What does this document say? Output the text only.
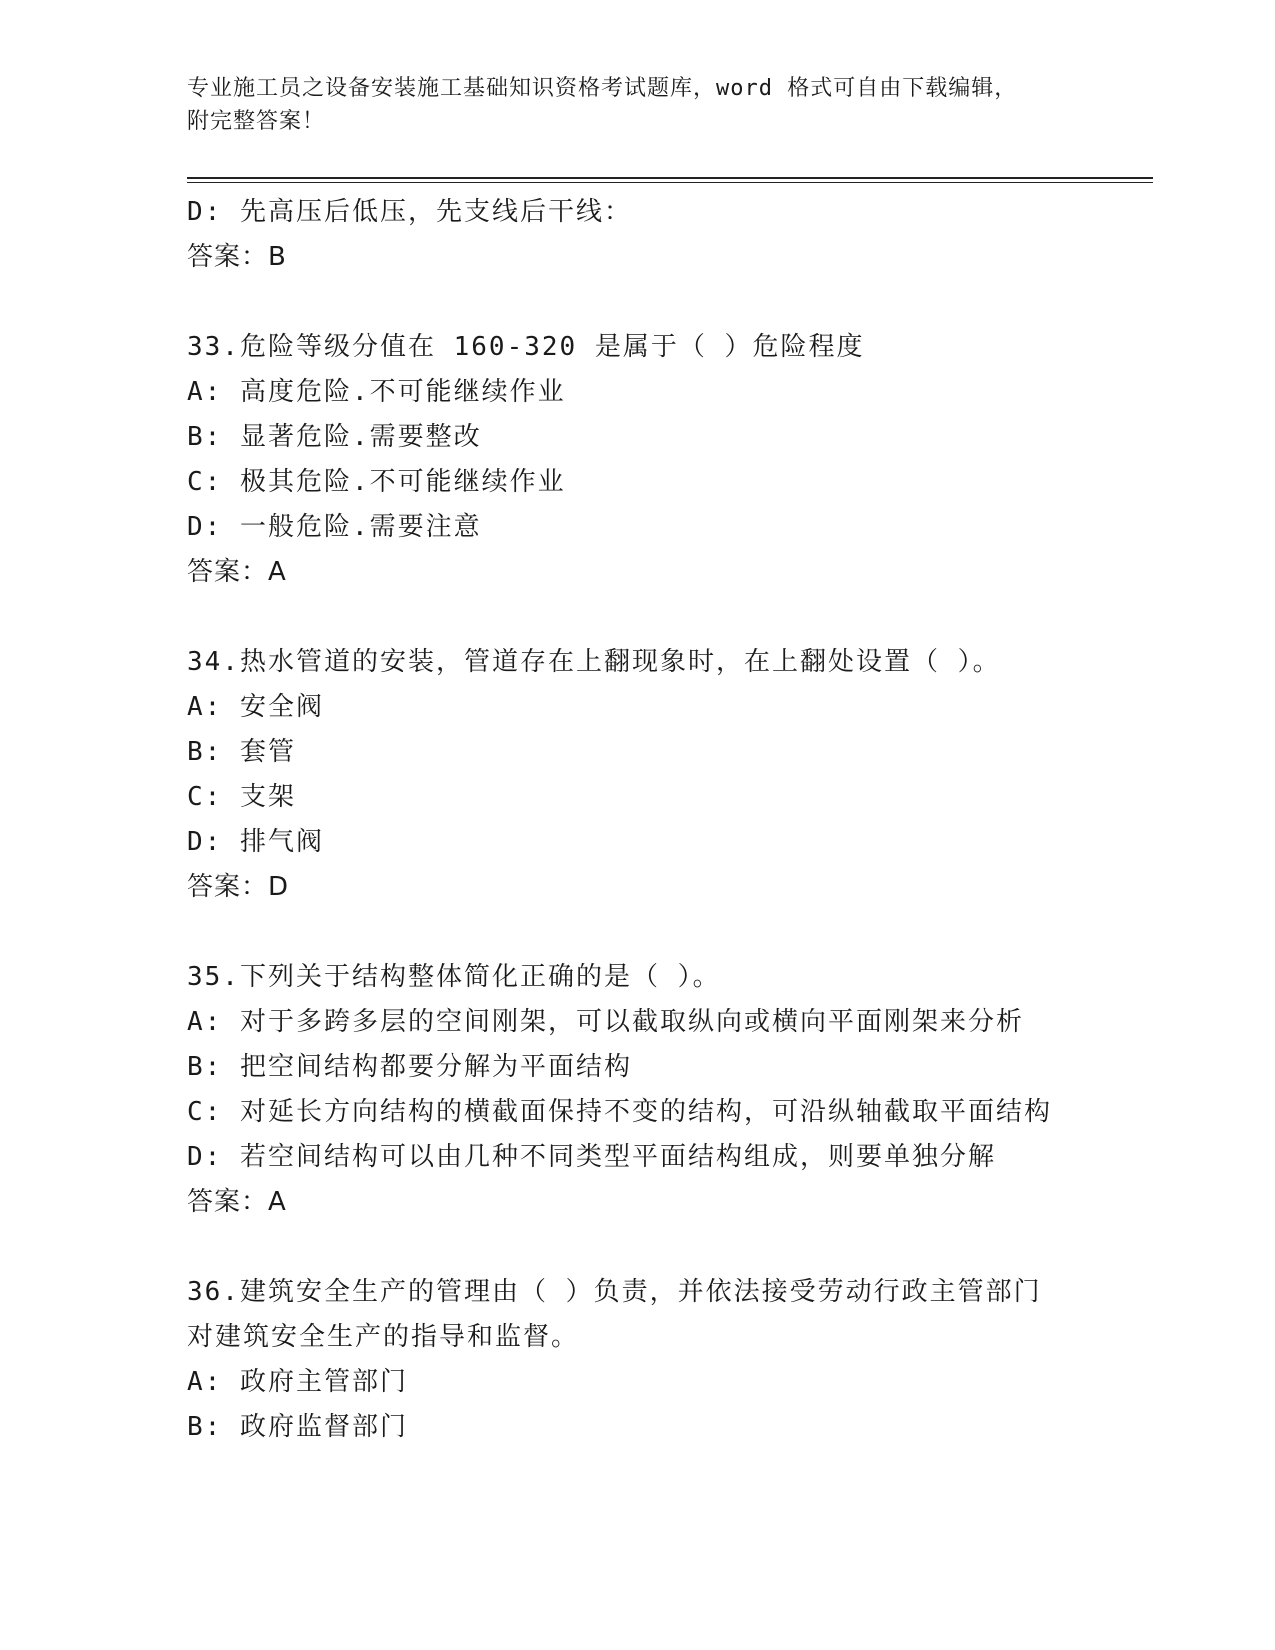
专业施工员之设备安装施工基础知识资格考试题库，word 格式可自由下载编辑，
附完整答案！
D: 先高压后低压，先支线后干线：
答案：B
33.危险等级分值在 160-320 是属于（ ）危险程度
A: 高度危险.不可能继续作业
B: 显著危险.需要整改
C: 极其危险.不可能继续作业
D: 一般危险.需要注意
答案：A
34.热水管道的安装，管道存在上翻现象时，在上翻处设置（ ）。
A: 安全阀
B: 套管
C: 支架
D: 排气阀
答案：D
35.下列关于结构整体简化正确的是（ ）。
A: 对于多跨多层的空间刚架，可以截取纵向或横向平面刚架来分析
B: 把空间结构都要分解为平面结构
C: 对延长方向结构的横截面保持不变的结构，可沿纵轴截取平面结构
D: 若空间结构可以由几种不同类型平面结构组成，则要单独分解
答案：A
36.建筑安全生产的管理由（ ）负责，并依法接受劳动行政主管部门
对建筑安全生产的指导和监督。
A: 政府主管部门
B: 政府监督部门
